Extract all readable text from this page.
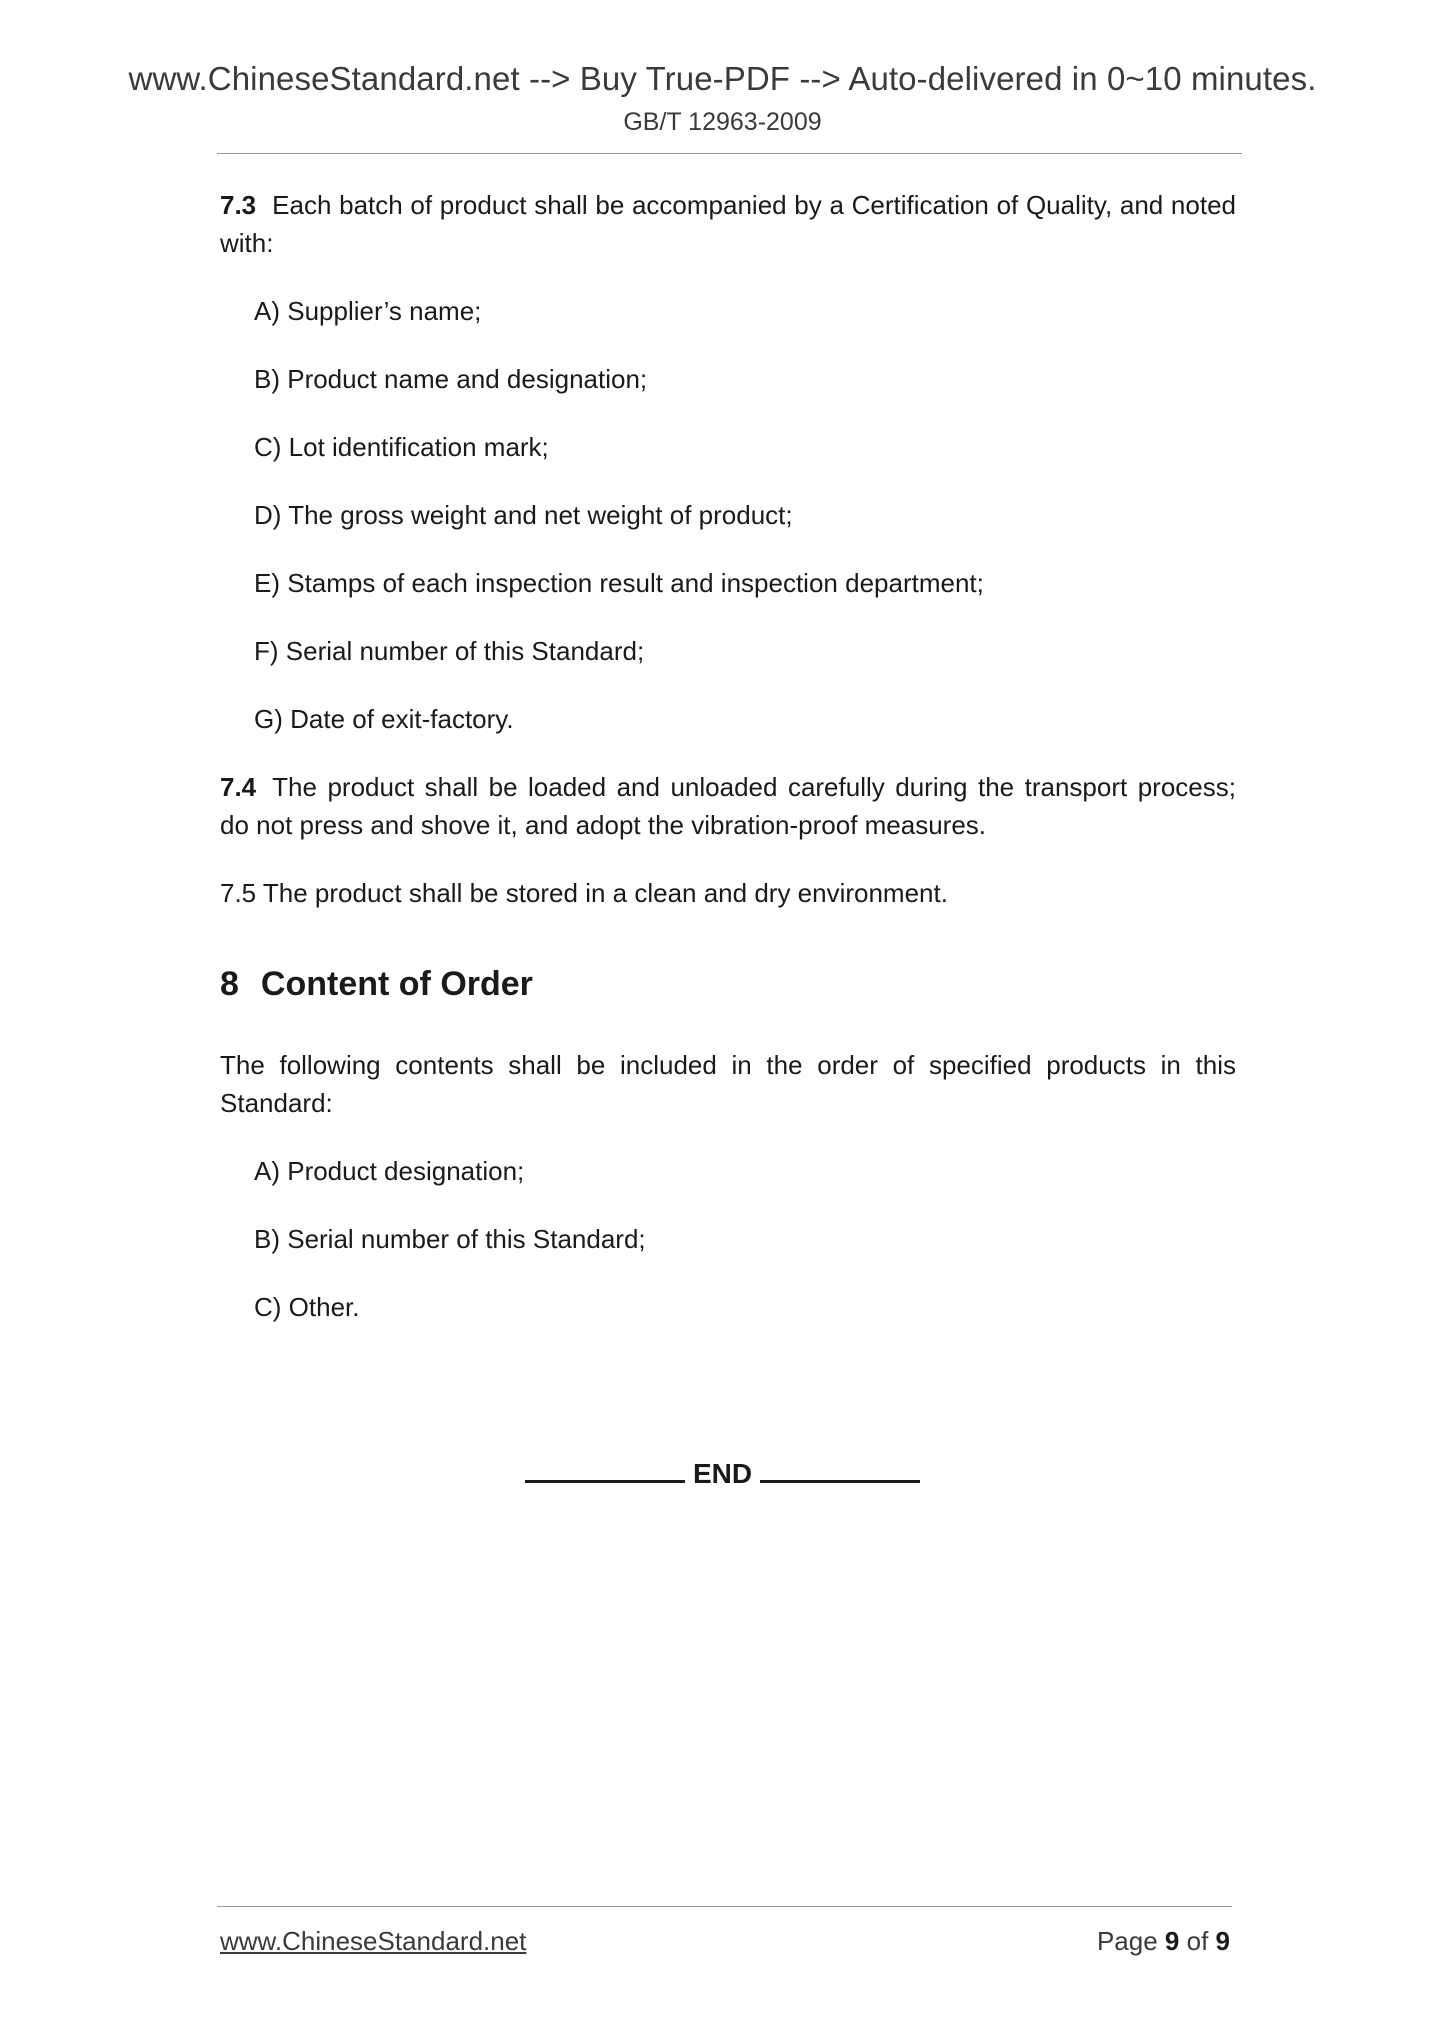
www.ChineseStandard.net --> Buy True-PDF --> Auto-delivered in 0~10 minutes.
GB/T 12963-2009

7.3 Each batch of product shall be accompanied by a Certification of Quality, and noted with:

A) Supplier’s name;
B) Product name and designation;
C) Lot identification mark;
D) The gross weight and net weight of product;
E) Stamps of each inspection result and inspection department;
F) Serial number of this Standard;
G) Date of exit-factory.

7.4 The product shall be loaded and unloaded carefully during the transport process; do not press and shove it, and adopt the vibration-proof measures.

7.5 The product shall be stored in a clean and dry environment.

8 Content of Order

The following contents shall be included in the order of specified products in this Standard:

A) Product designation;
B) Serial number of this Standard;
C) Other.
END
www.ChineseStandard.net	Page 9 of 9
